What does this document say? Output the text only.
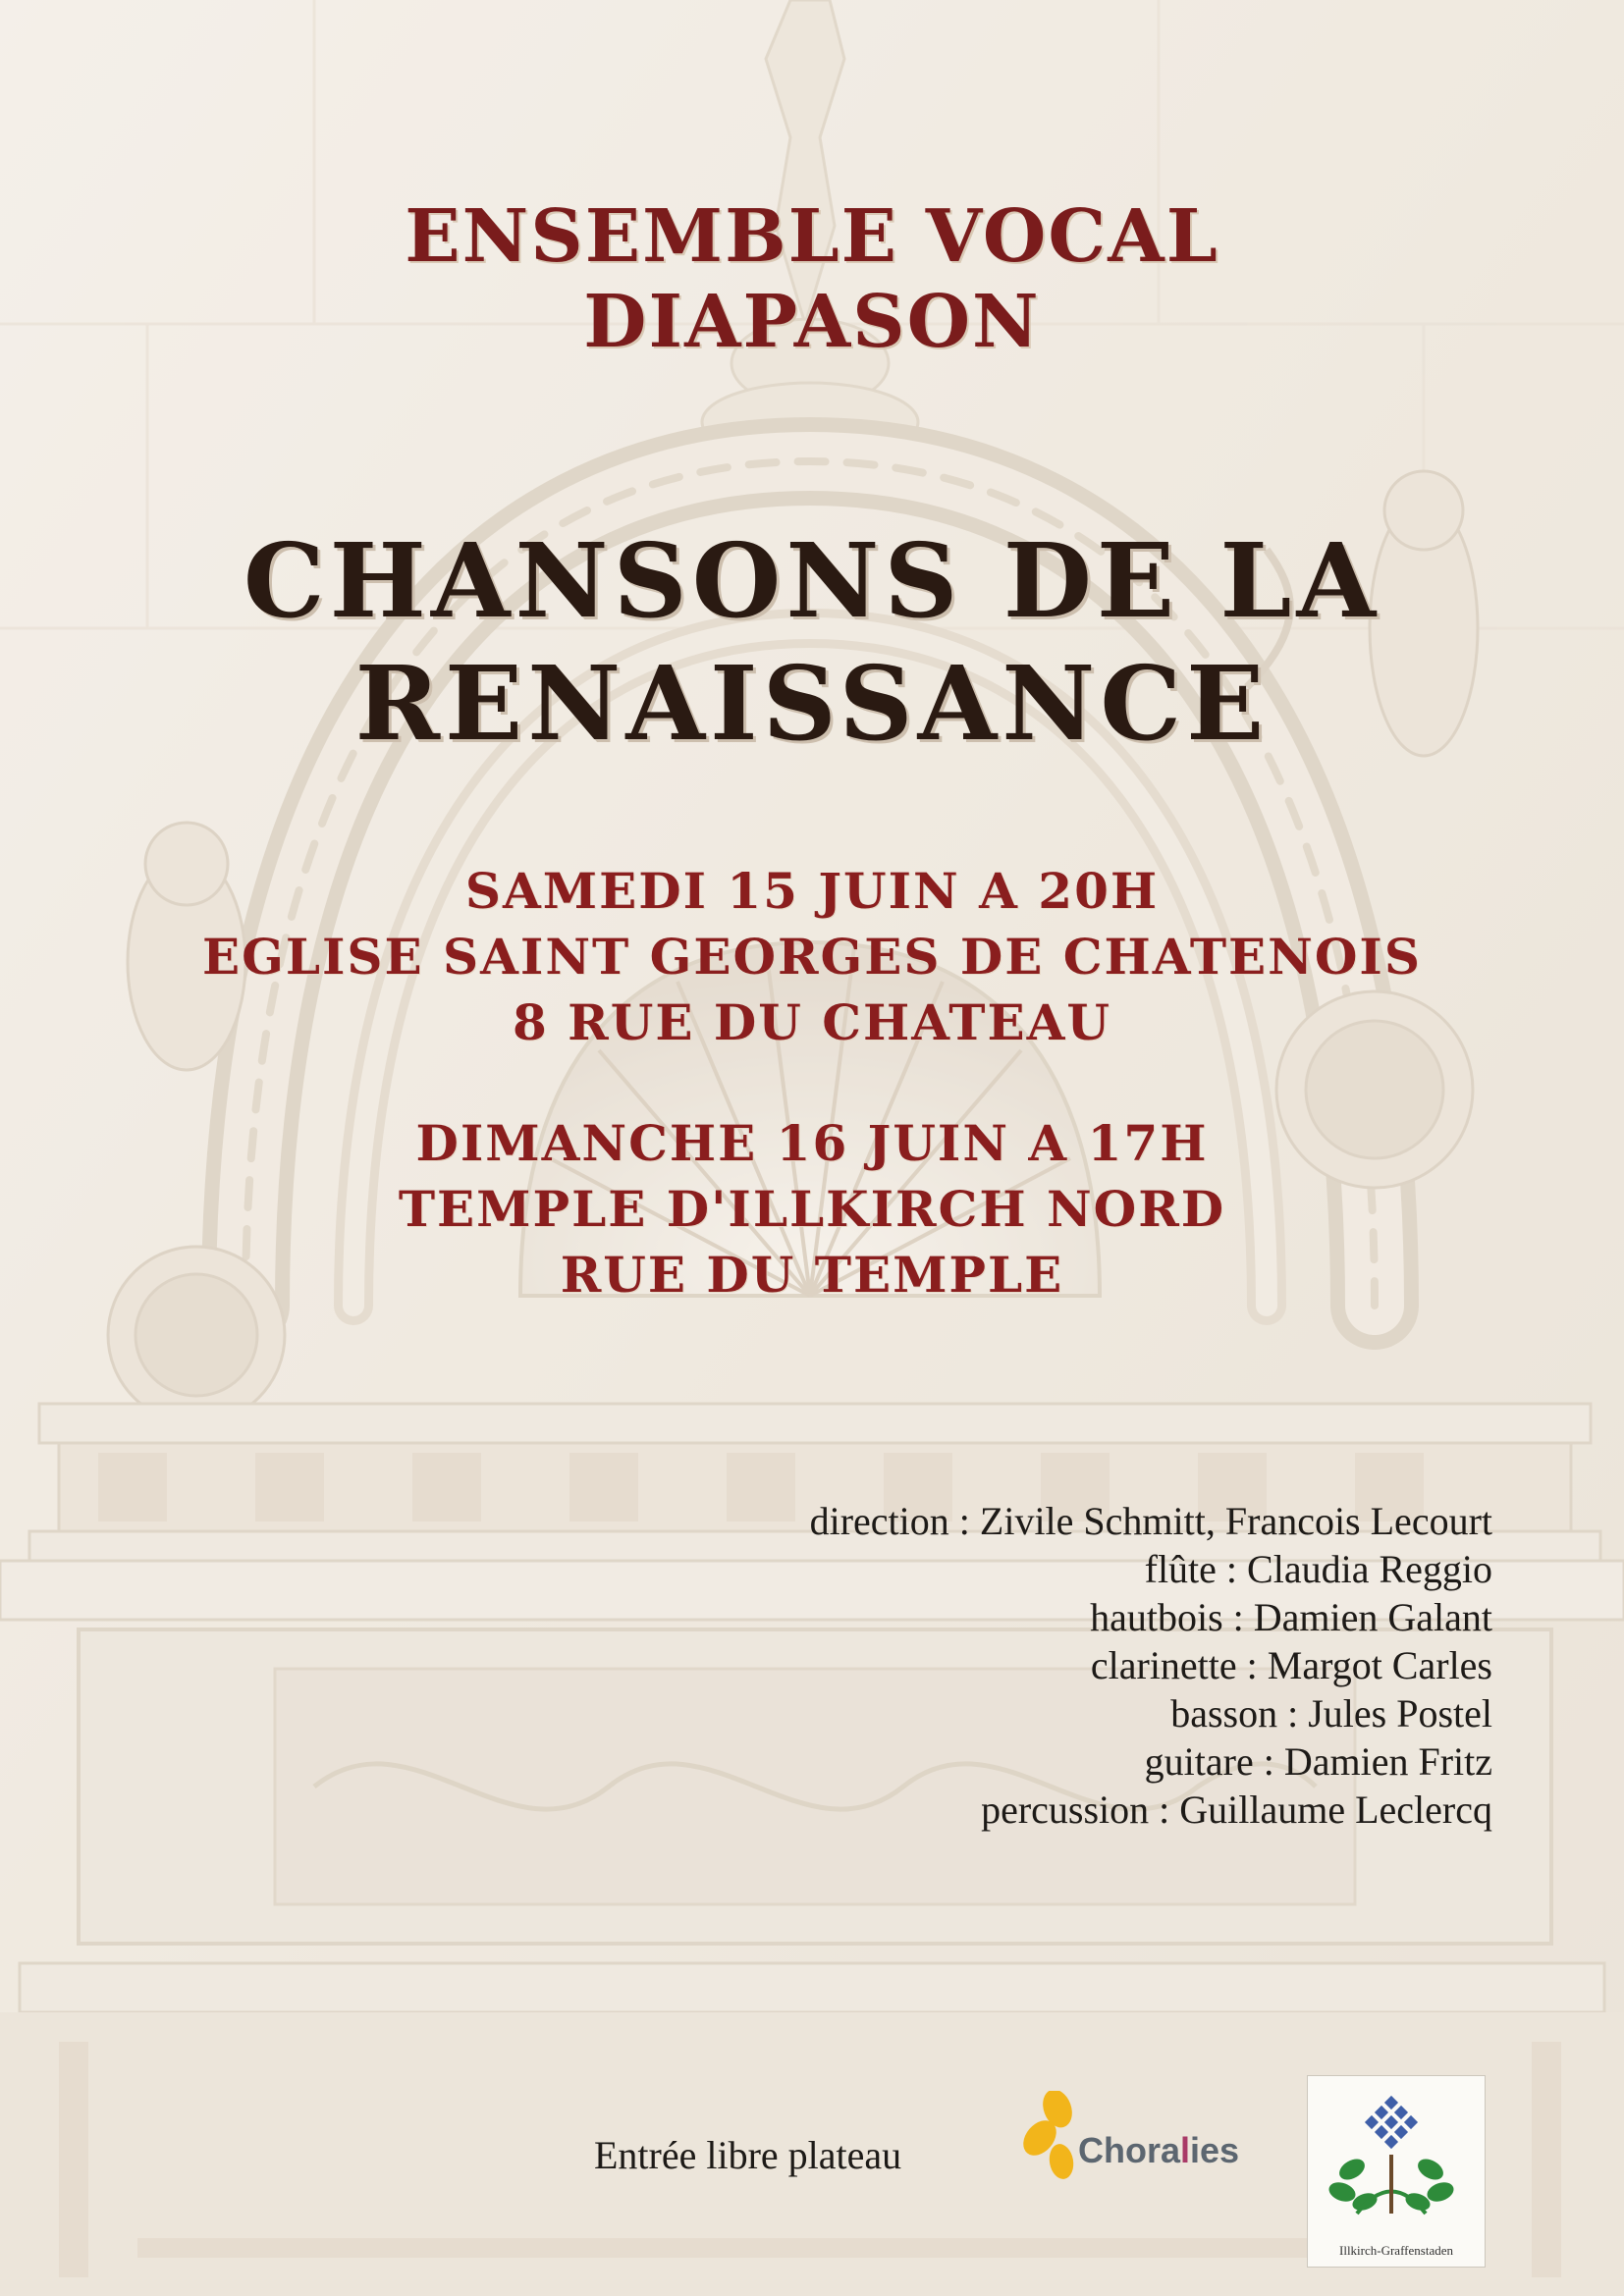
ENSEMBLE VOCAL
DIAPASON
CHANSONS DE LA
RENAISSANCE
SAMEDI 15 JUIN A 20H
EGLISE SAINT GEORGES DE CHATENOIS
8 RUE DU CHATEAU
DIMANCHE 16 JUIN A 17H
TEMPLE D'ILLKIRCH NORD
RUE DU TEMPLE
direction : Zivile Schmitt, Francois Lecourt
flûte : Claudia Reggio
hautbois : Damien Galant
clarinette : Margot Carles
basson : Jules Postel
guitare : Damien Fritz
percussion : Guillaume Leclercq
Entrée libre plateau	Choralies
Illkirch-Graffenstaden
